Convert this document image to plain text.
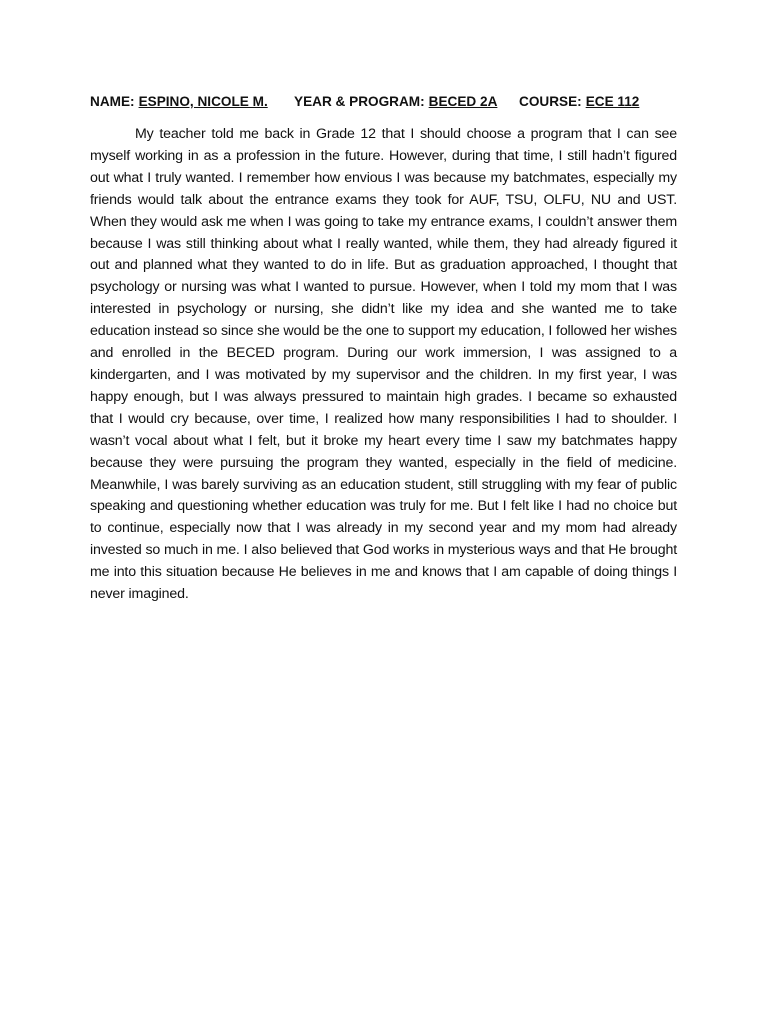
NAME: ESPINO, NICOLE M. YEAR & PROGRAM: BECED 2A COURSE: ECE 112

My teacher told me back in Grade 12 that I should choose a program that I can see myself working in as a profession in the future. However, during that time, I still hadn’t figured out what I truly wanted. I remember how envious I was because my batchmates, especially my friends would talk about the entrance exams they took for AUF, TSU, OLFU, NU and UST. When they would ask me when I was going to take my entrance exams, I couldn’t answer them because I was still thinking about what I really wanted, while them, they had already figured it out and planned what they wanted to do in life. But as graduation approached, I thought that psychology or nursing was what I wanted to pursue. However, when I told my mom that I was interested in psychology or nursing, she didn’t like my idea and she wanted me to take education instead so since she would be the one to support my education, I followed her wishes and enrolled in the BECED program. During our work immersion, I was assigned to a kindergarten, and I was motivated by my supervisor and the children. In my first year, I was happy enough, but I was always pressured to maintain high grades. I became so exhausted that I would cry because, over time, I realized how many responsibilities I had to shoulder. I wasn’t vocal about what I felt, but it broke my heart every time I saw my batchmates happy because they were pursuing the program they wanted, especially in the field of medicine. Meanwhile, I was barely surviving as an education student, still struggling with my fear of public speaking and questioning whether education was truly for me. But I felt like I had no choice but to continue, especially now that I was already in my second year and my mom had already invested so much in me. I also believed that God works in mysterious ways and that He brought me into this situation because He believes in me and knows that I am capable of doing things I never imagined.
